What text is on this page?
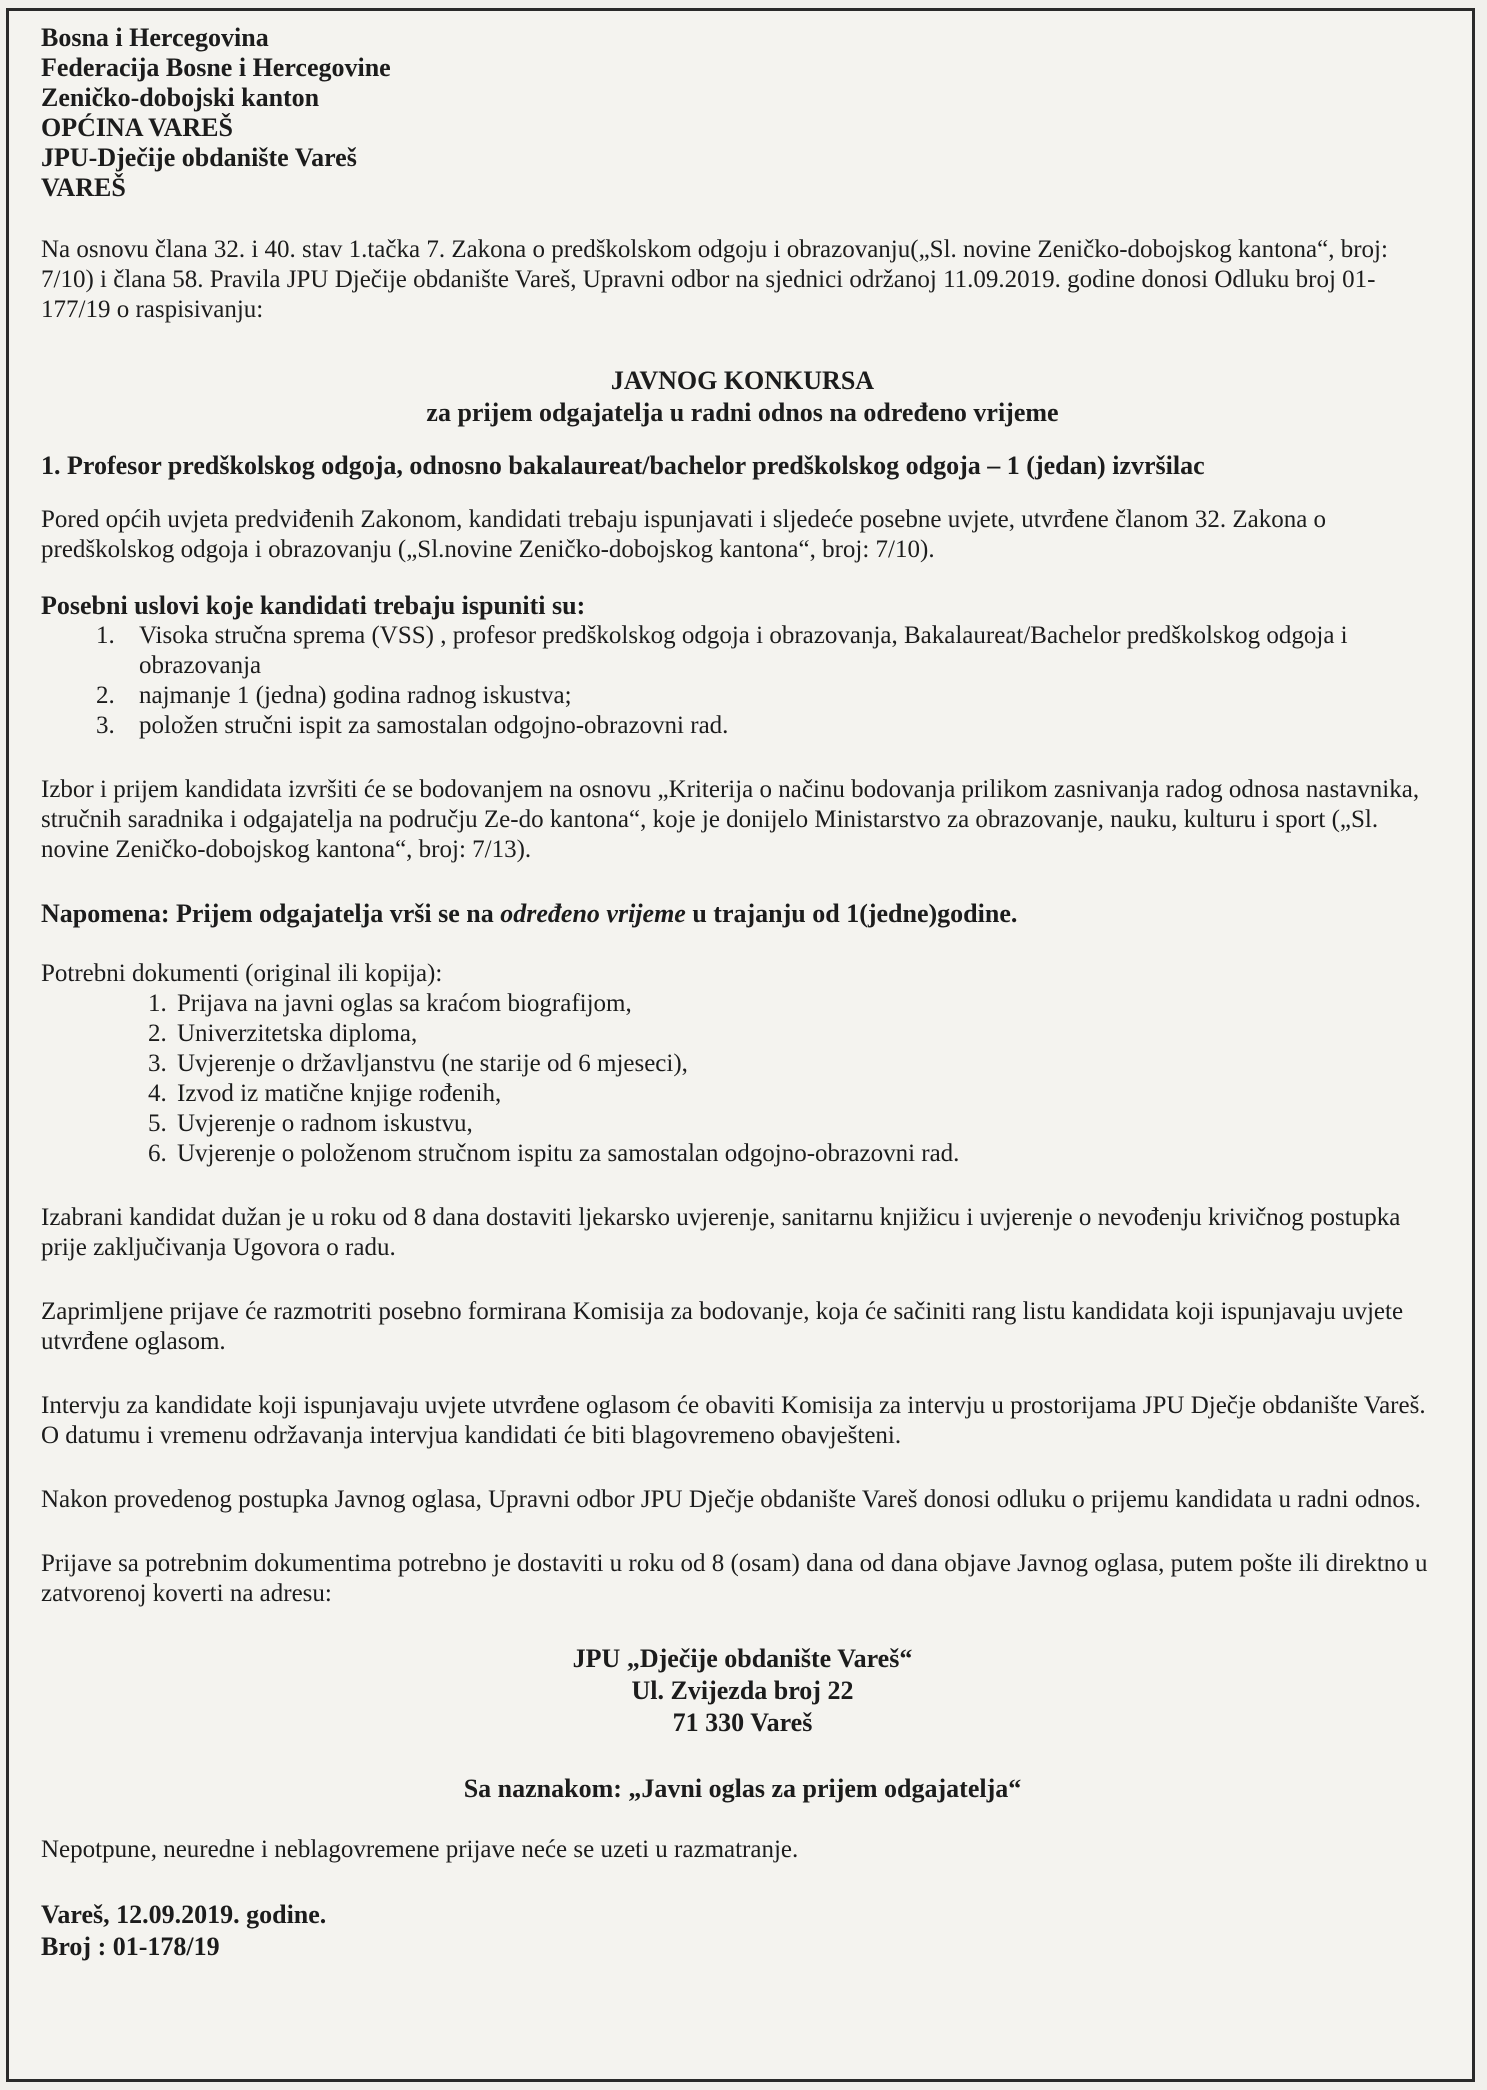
Bosna i Hercegovina
Federacija Bosne i Hercegovine
Zeničko-dobojski kanton
OPĆINA VAREŠ
JPU-Dječije obdanište Vareš
VAREŠ

Na osnovu člana 32. i 40. stav 1.tačka 7. Zakona o predškolskom odgoju i obrazovanju(„Sl. novine Zeničko-dobojskog kantona“, broj: 7/10) i člana 58. Pravila JPU Dječije obdanište Vareš, Upravni odbor na sjednici održanoj 11.09.2019. godine donosi Odluku broj 01-177/19 o raspisivanju:

JAVNOG KONKURSA
za prijem odgajatelja u radni odnos na određeno vrijeme

1. Profesor predškolskog odgoja, odnosno bakalaureat/bachelor predškolskog odgoja – 1 (jedan) izvršilac

Pored općih uvjeta predviđenih Zakonom, kandidati trebaju ispunjavati i sljedeće posebne uvjete, utvrđene članom 32. Zakona o predškolskog odgoja i obrazovanju („Sl.novine Zeničko-dobojskog kantona“, broj: 7/10).

Posebni uslovi koje kandidati trebaju ispuniti su:
1. Visoka stručna sprema (VSS) , profesor predškolskog odgoja i obrazovanja, Bakalaureat/Bachelor predškolskog odgoja i obrazovanja
2. najmanje 1 (jedna) godina radnog iskustva;
3. položen stručni ispit za samostalan odgojno-obrazovni rad.

Izbor i prijem kandidata izvršiti će se bodovanjem na osnovu „Kriterija o načinu bodovanja prilikom zasnivanja radog odnosa nastavnika, stručnih saradnika i odgajatelja na području Ze-do kantona“, koje je donijelo Ministarstvo za obrazovanje, nauku, kulturu i sport („Sl. novine Zeničko-dobojskog kantona“, broj: 7/13).

Napomena: Prijem odgajatelja vrši se na određeno vrijeme u trajanju od 1(jedne)godine.

Potrebni dokumenti (original ili kopija):
1. Prijava na javni oglas sa kraćom biografijom,
2. Univerzitetska diploma,
3. Uvjerenje o državljanstvu (ne starije od 6 mjeseci),
4. Izvod iz matične knjige rođenih,
5. Uvjerenje o radnom iskustvu,
6. Uvjerenje o položenom stručnom ispitu za samostalan odgojno-obrazovni rad.

Izabrani kandidat dužan je u roku od 8 dana dostaviti ljekarsko uvjerenje, sanitarnu knjižicu i uvjerenje o nevođenju krivičnog postupka prije zaključivanja Ugovora o radu.

Zaprimljene prijave će razmotriti posebno formirana Komisija za bodovanje, koja će sačiniti rang listu kandidata koji ispunjavaju uvjete utvrđene oglasom.

Intervju za kandidate koji ispunjavaju uvjete utvrđene oglasom će obaviti Komisija za intervju u prostorijama JPU Dječje obdanište Vareš. O datumu i vremenu održavanja intervjua kandidati će biti blagovremeno obavješteni.

Nakon provedenog postupka Javnog oglasa, Upravni odbor JPU Dječje obdanište Vareš donosi odluku o prijemu kandidata u radni odnos.

Prijave sa potrebnim dokumentima potrebno je dostaviti u roku od 8 (osam) dana od dana objave Javnog oglasa, putem pošte ili direktno u zatvorenoj koverti na adresu:

JPU „Dječije obdanište Vareš“
Ul. Zvijezda broj 22
71 330 Vareš
Sa naznakom: „Javni oglas za prijem odgajatelja“

Nepotpune, neuredne i neblagovremene prijave neće se uzeti u razmatranje.

Vareš, 12.09.2019. godine.
Broj : 01-178/19
